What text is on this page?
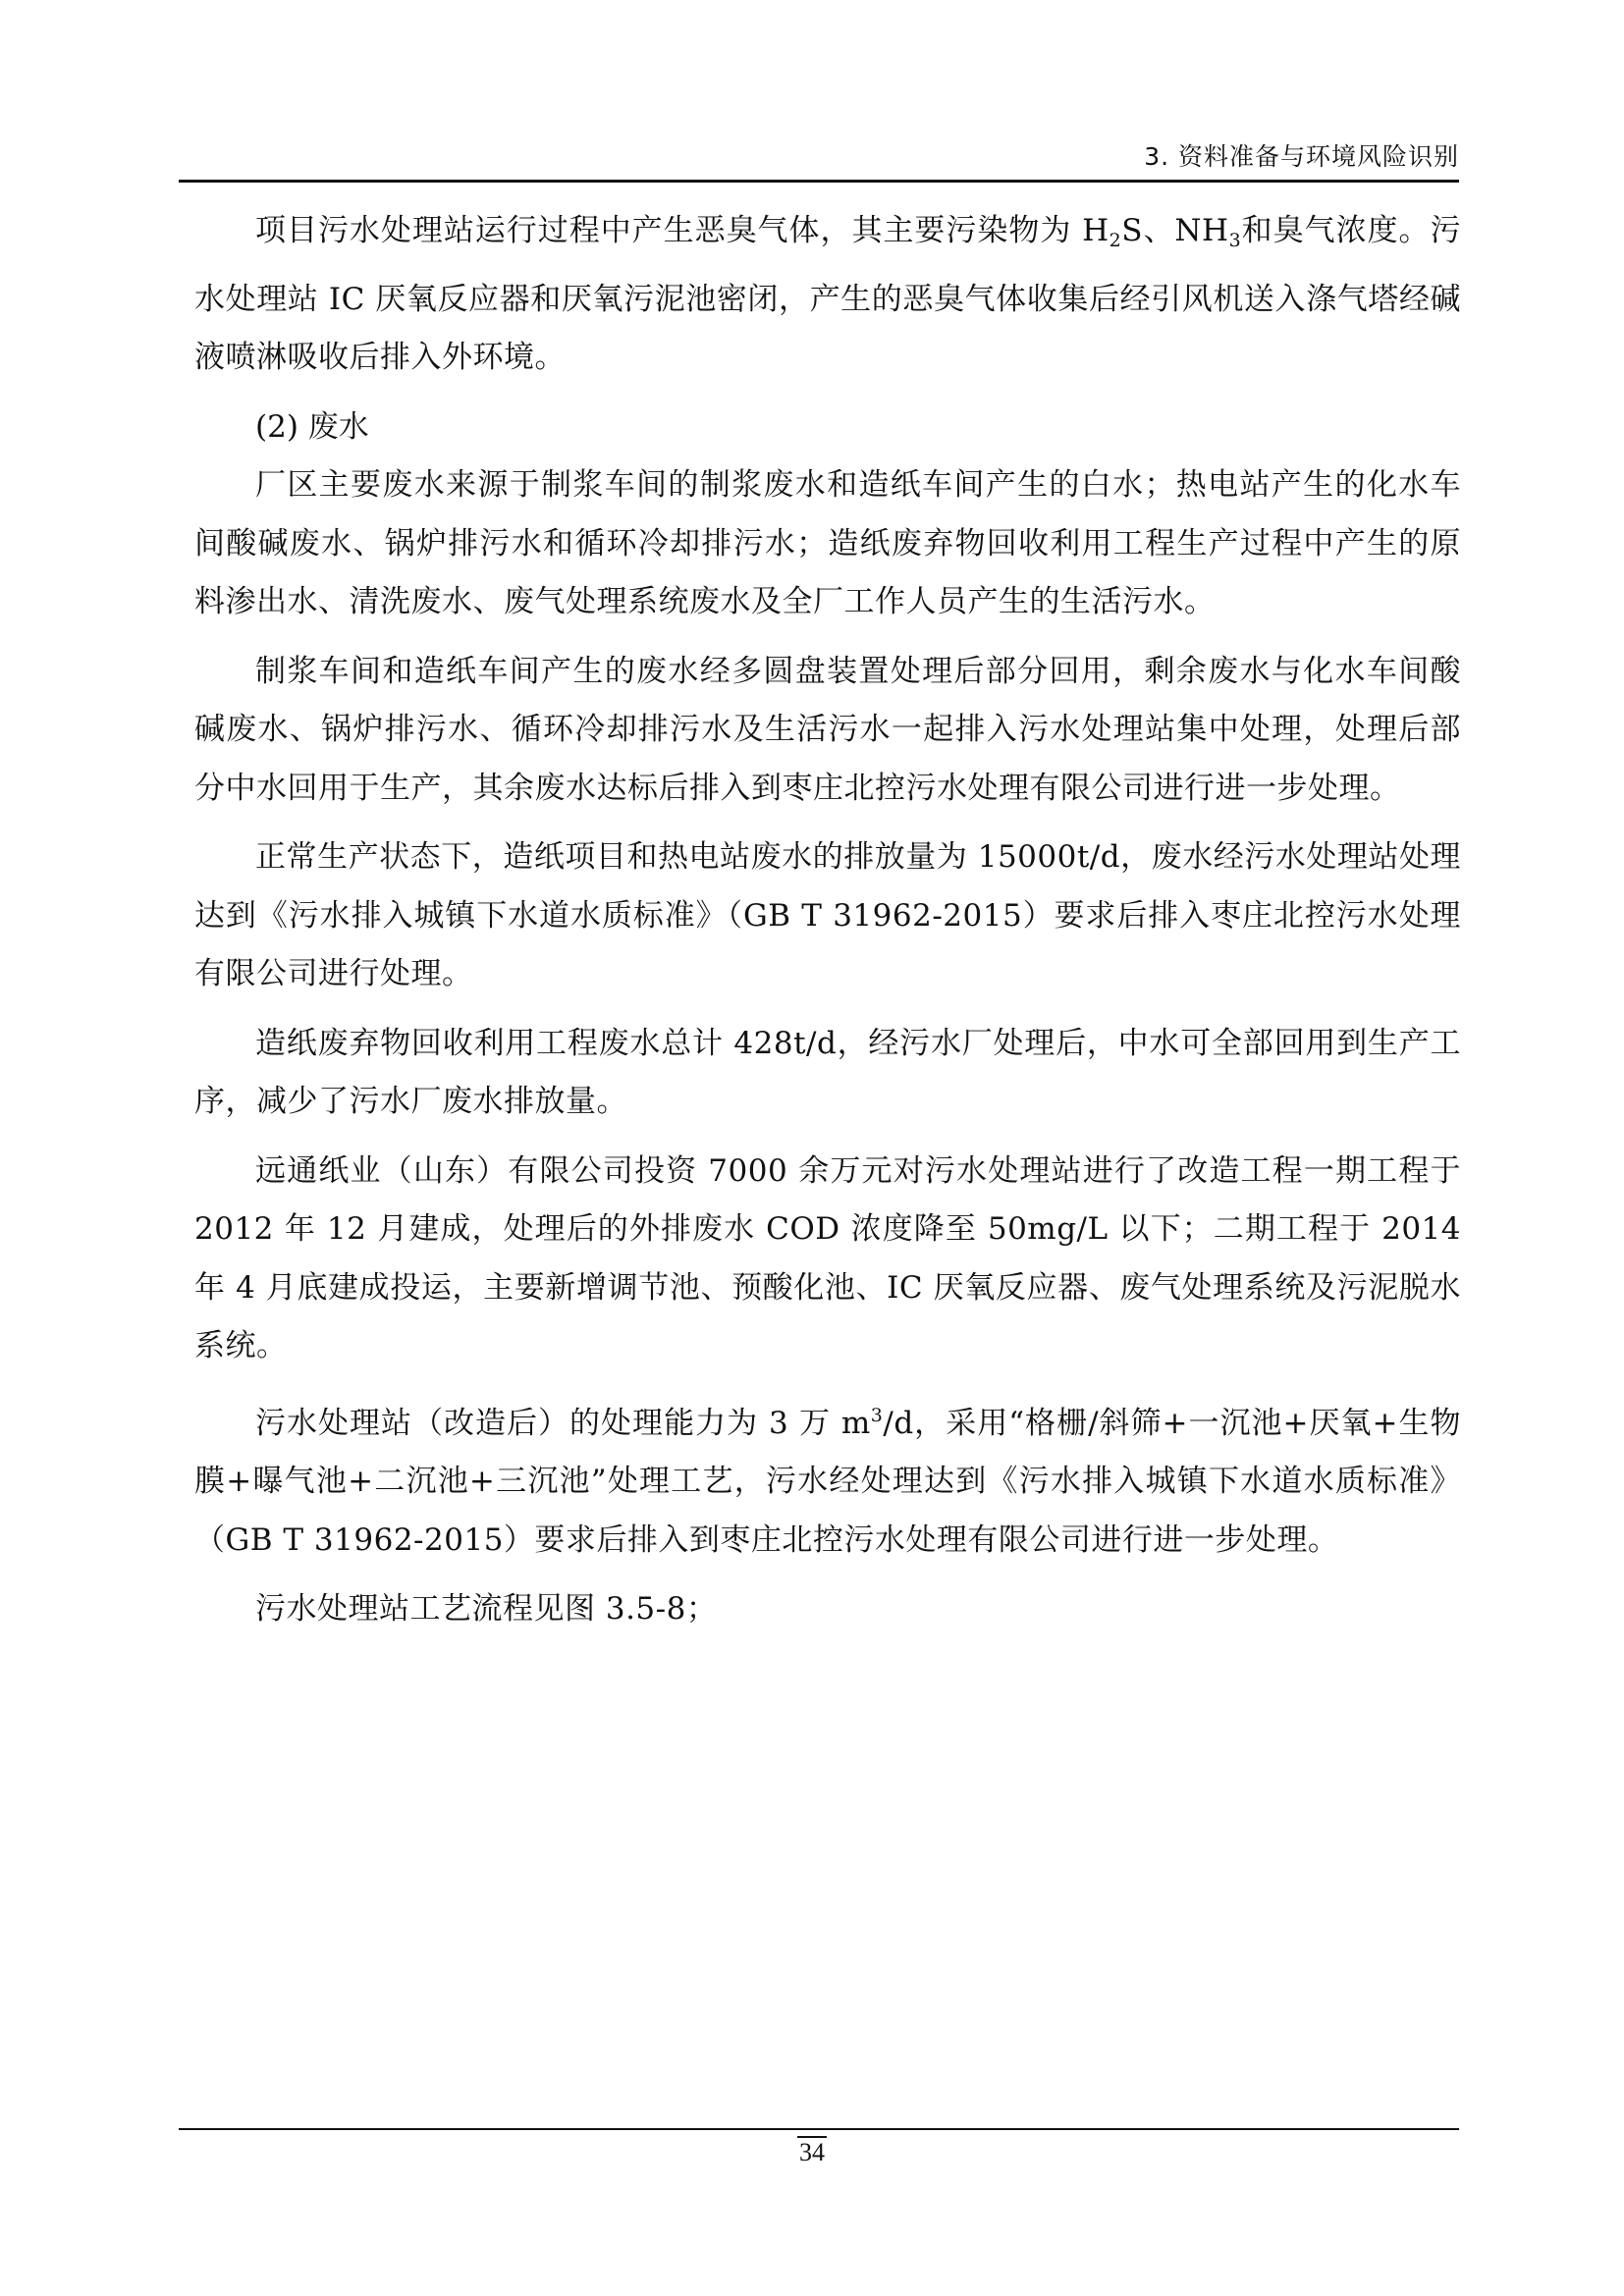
3. 资料准备与环境风险识别

项目污水处理站运行过程中产生恶臭气体，其主要污染物为 $H_2S$、$NH_3$和臭气浓度。污水处理站 IC 厌氧反应器和厌氧污泥池密闭，产生的恶臭气体收集后经引风机送入涤气塔经碱液喷淋吸收后排入外环境。

(2) 废水

厂区主要废水来源于制浆车间的制浆废水和造纸车间产生的白水；热电站产生的化水车间酸碱废水、锅炉排污水和循环冷却排污水；造纸废弃物回收利用工程生产过程中产生的原料渗出水、清洗废水、废气处理系统废水及全厂工作人员产生的生活污水。

制浆车间和造纸车间产生的废水经多圆盘装置处理后部分回用，剩余废水与化水车间酸碱废水、锅炉排污水、循环冷却排污水及生活污水一起排入污水处理站集中处理，处理后部分中水回用于生产，其余废水达标后排入到枣庄北控污水处理有限公司进行进一步处理。

正常生产状态下，造纸项目和热电站废水的排放量为 15000t/d，废水经污水处理站处理达到《污水排入城镇下水道水质标准》（GB T 31962-2015）要求后排入枣庄北控污水处理有限公司进行处理。

造纸废弃物回收利用工程废水总计 428t/d，经污水厂处理后，中水可全部回用到生产工序，减少了污水厂废水排放量。

远通纸业（山东）有限公司投资 7000 余万元对污水处理站进行了改造工程一期工程于 2012 年 12 月建成，处理后的外排废水 COD 浓度降至 50mg/L 以下；二期工程于 2014 年 4 月底建成投运，主要新增调节池、预酸化池、IC 厌氧反应器、废气处理系统及污泥脱水系统。

污水处理站（改造后）的处理能力为 3 万 $m^3/d$，采用“格栅/斜筛+一沉池+厌氧+生物膜+曝气池+二沉池+三沉池”处理工艺，污水经处理达到《污水排入城镇下水道水质标准》（GB T 31962-2015）要求后排入到枣庄北控污水处理有限公司进行进一步处理。

污水处理站工艺流程见图 3.5-8；

34
